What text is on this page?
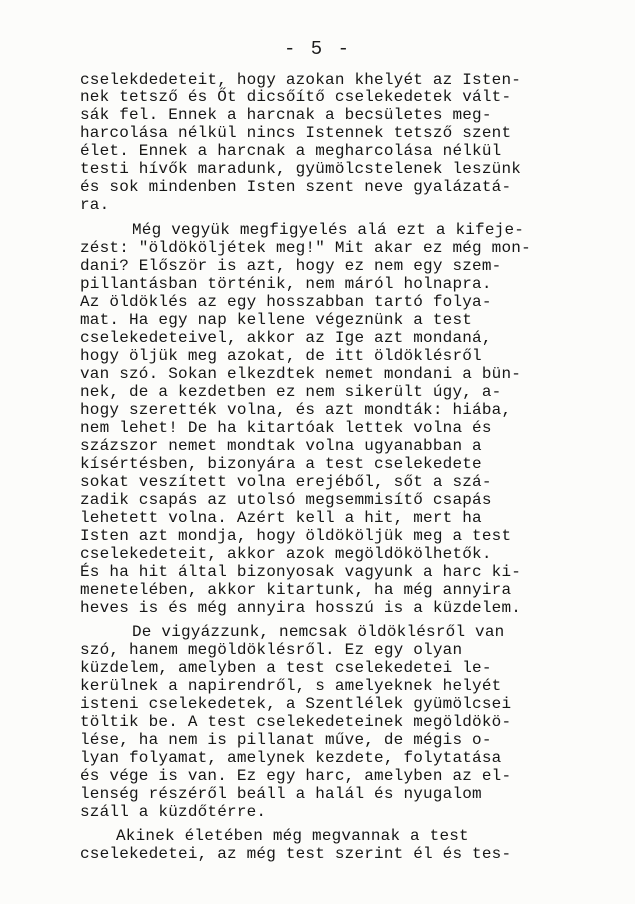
- 5 -
cselekdedeteit, hogy azokan khelyét az Isten-
nek tetsző és Őt dicsőítő cselekedetek vált-
sák fel. Ennek a harcnak a becsületes meg-
harcolása nélkül nincs Istennek tetsző szent
élet. Ennek a harcnak a megharcolása nélkül
testi hívők maradunk, gyümölcstelenek leszünk
és sok mindenben Isten szent neve gyalázatá-
ra.
Még vegyük megfigyelés alá ezt a kifeje-
zést: "öldököljétek meg!" Mit akar ez még mon-
dani? Először is azt, hogy ez nem egy szem-
pillantásban történik, nem máról holnapra.
Az öldöklés az egy hosszabban tartó folya-
mat. Ha egy nap kellene végeznünk a test
cselekedeteivel, akkor az Ige azt mondaná,
hogy öljük meg azokat, de itt öldöklésről
van szó. Sokan elkezdtek nemet mondani a bün-
nek, de a kezdetben ez nem sikerült úgy, a-
hogy szerették volna, és azt mondták: hiába,
nem lehet! De ha kitartóak lettek volna és
százszor nemet mondtak volna ugyanabban a
kísértésben, bizonyára a test cselekedete
sokat veszített volna erejéből, sőt a szá-
zadik csapás az utolsó megsemmisítő csapás
lehetett volna. Azért kell a hit, mert ha
Isten azt mondja, hogy öldököljük meg a test
cselekedeteit, akkor azok megöldökölhetők.
És ha hit által bizonyosak vagyunk a harc ki-
menetelében, akkor kitartunk, ha még annyira
heves is és még annyira hosszú is a küzdelem.
De vigyázzunk, nemcsak öldöklésről van
szó, hanem megöldöklésről. Ez egy olyan
küzdelem, amelyben a test cselekedetei le-
kerülnek a napirendről, s amelyeknek helyét
isteni cselekedetek, a Szentlélek gyümölcsei
töltik be. A test cselekedeteinek megöldökö-
lése, ha nem is pillanat műve, de mégis o-
lyan folyamat, amelynek kezdete, folytatása
és vége is van. Ez egy harc, amelyben az el-
lenség részéről beáll a halál és nyugalom
száll a küzdőtérre.
Akinek életében még megvannak a test
cselekedetei, az még test szerint él és tes-
